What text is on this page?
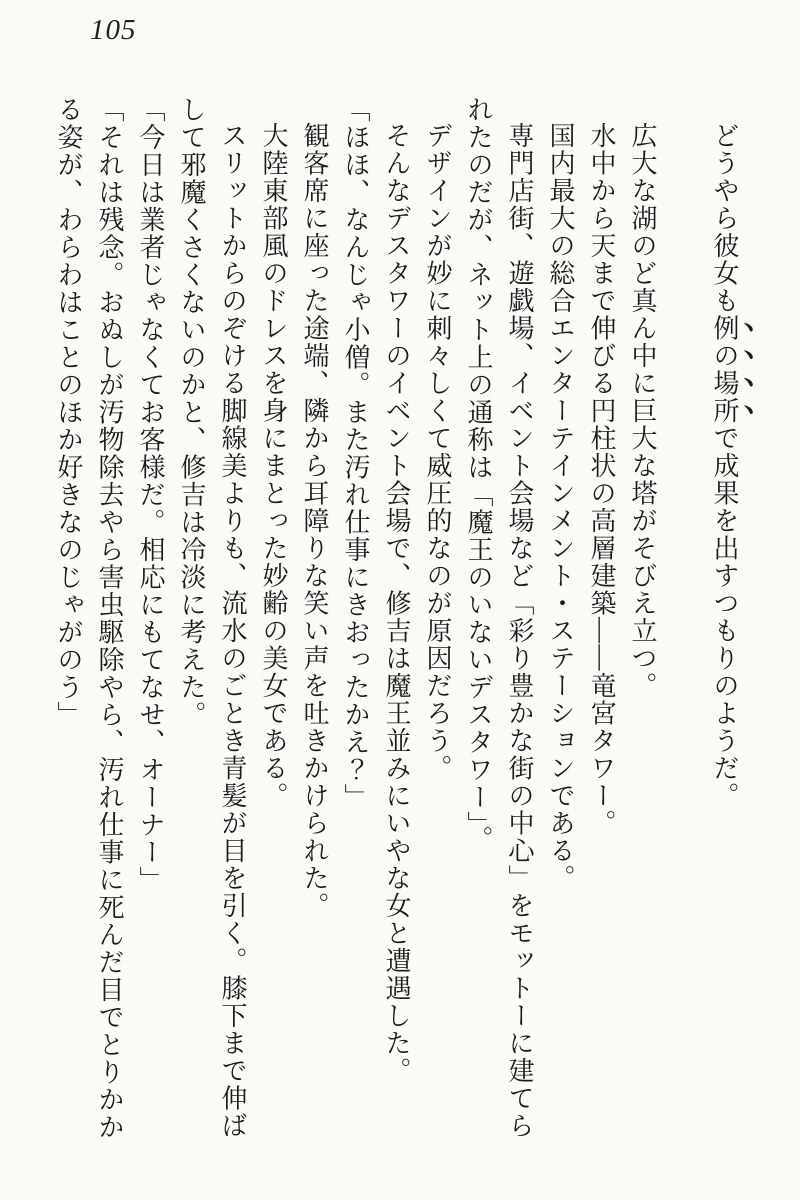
105

どうやら彼女も例の場所で成果を出すつもりのようだ。

広大な湖のど真ん中に巨大な塔がそびえ立つ。

水中から天まで伸びる円柱状の高層建築――竜宮タワー。

国内最大の総合エンターテインメント・ステーションである。

専門店街、遊戯場、イベント会場など「彩り豊かな街の中心」をモットーに建てられたのだが、ネット上の通称は「魔王のいないデスタワー」。

デザインが妙に刺々しくて威圧的なのが原因だろう。

そんなデスタワーのイベント会場で、修吉は魔王並みにいやな女と遭遇した。

「ほほ、なんじゃ小僧。また汚れ仕事にきおったかえ？」

観客席に座った途端、隣から耳障りな笑い声を吐きかけられた。

大陸東部風のドレスを身にまとった妙齢の美女である。

スリットからのぞける脚線美よりも、流水のごとき青髪が目を引く。膝下まで伸ばして邪魔くさくないのかと、修吉は冷淡に考えた。

「今日は業者じゃなくてお客様だ。相応にもてなせ、オーナー」

「それは残念。おぬしが汚物除去やら害虫駆除やら、汚れ仕事に死んだ目でとりかかる姿が、わらわはことのほか好きなのじゃがのう」
